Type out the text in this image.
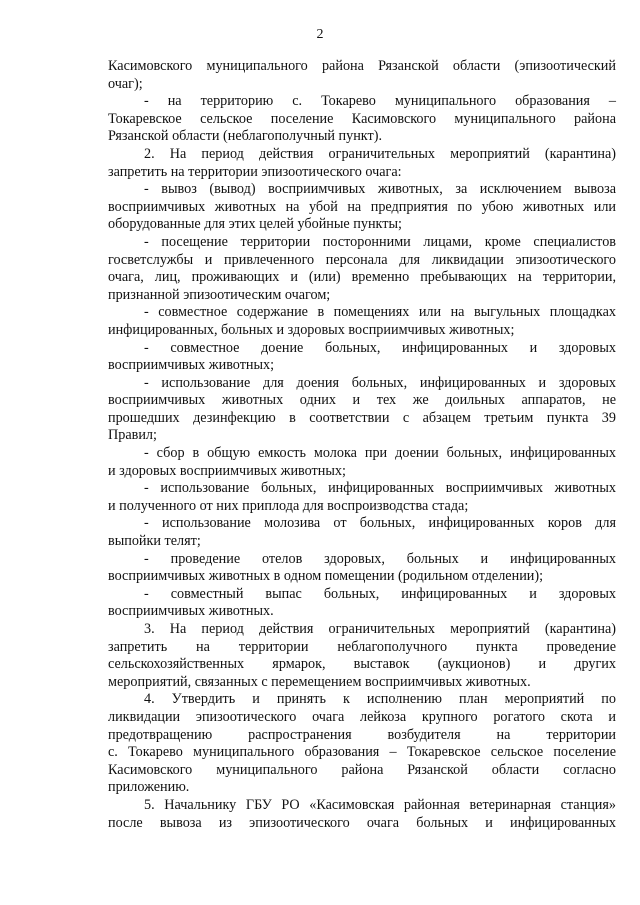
2
Касимовского муниципального района Рязанской области (эпизоотический
очаг);
- на территорию с. Токарево муниципального образования –
Токаревское сельское поселение Касимовского муниципального района
Рязанской области (неблагополучный пункт).
2. На период действия ограничительных мероприятий (карантина)
запретить на территории эпизоотического очага:
- вывоз (вывод) восприимчивых животных, за исключением вывоза
восприимчивых животных на убой на предприятия по убою животных или
оборудованные для этих целей убойные пункты;
- посещение территории посторонними лицами, кроме специалистов
госветслужбы и привлеченного персонала для ликвидации эпизоотического
очага, лиц, проживающих и (или) временно пребывающих на территории,
признанной эпизоотическим очагом;
- совместное содержание в помещениях или на выгульных площадках
инфицированных, больных и здоровых восприимчивых животных;
- совместное доение больных, инфицированных и здоровых
восприимчивых животных;
- использование для доения больных, инфицированных и здоровых
восприимчивых животных одних и тех же доильных аппаратов, не
прошедших дезинфекцию в соответствии с абзацем третьим пункта 39
Правил;
- сбор в общую емкость молока при доении больных, инфицированных
и здоровых восприимчивых животных;
- использование больных, инфицированных восприимчивых животных
и полученного от них приплода для воспроизводства стада;
- использование молозива от больных, инфицированных коров для
выпойки телят;
- проведение отелов здоровых, больных и инфицированных
восприимчивых животных в одном помещении (родильном отделении);
- совместный выпас больных, инфицированных и здоровых
восприимчивых животных.
3. На период действия ограничительных мероприятий (карантина)
запретить на территории неблагополучного пункта проведение
сельскохозяйственных ярмарок, выставок (аукционов) и других
мероприятий, связанных с перемещением восприимчивых животных.
4. Утвердить и принять к исполнению план мероприятий по
ликвидации эпизоотического очага лейкоза крупного рогатого скота и
предотвращению распространения возбудителя на территории
с. Токарево муниципального образования – Токаревское сельское поселение
Касимовского муниципального района Рязанской области согласно
приложению.
5. Начальнику ГБУ РО «Касимовская районная ветеринарная станция»
после вывоза из эпизоотического очага больных и инфицированных
